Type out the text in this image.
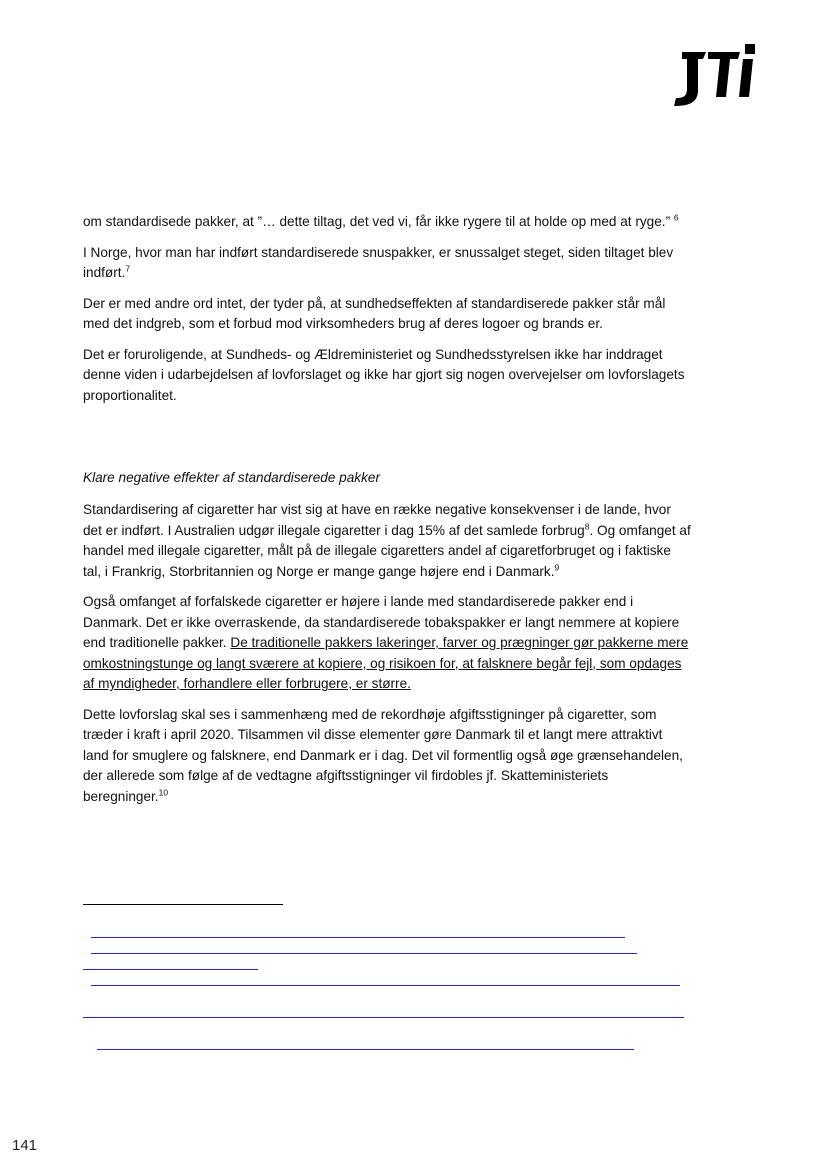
om standardisede pakker, at ”… dette tiltag, det ved vi, får ikke rygere til at holde op med at ryge.” $^6$

I Norge, hvor man har indført standardiserede snuspakker, er snussalget steget, siden tiltaget blev indført.$^7$

Der er med andre ord intet, der tyder på, at sundhedseffekten af standardiserede pakker står mål med det indgreb, som et forbud mod virksomheders brug af deres logoer og brands er.

Det er foruroligende, at Sundheds- og Ældreministeriet og Sundhedsstyrelsen ikke har inddraget denne viden i udarbejdelsen af lovforslaget og ikke har gjort sig nogen overvejelser om lovforslagets proportionalitet.

Klare negative effekter af standardiserede pakker

Standardisering af cigaretter har vist sig at have en række negative konsekvenser i de lande, hvor det er indført. I Australien udgør illegale cigaretter i dag 15% af det samlede forbrug$^8$. Og omfanget af handel med illegale cigaretter, målt på de illegale cigaretters andel af cigaretforbruget og i faktiske tal, i Frankrig, Storbritannien og Norge er mange gange højere end i Danmark.$^9$

Også omfanget af forfalskede cigaretter er højere i lande med standardiserede pakker end i Danmark. Det er ikke overraskende, da standardiserede tobakspakker er langt nemmere at kopiere end traditionelle pakker. De traditionelle pakkers lakeringer, farver og prægninger gør pakkerne mere omkostningstunge og langt sværere at kopiere, og risikoen for, at falsknere begår fejl, som opdages af myndigheder, forhandlere eller forbrugere, er større.

Dette lovforslag skal ses i sammenhæng med de rekordhøje afgiftsstigninger på cigaretter, som træder i kraft i april 2020. Tilsammen vil disse elementer gøre Danmark til et langt mere attraktivt land for smuglere og falsknere, end Danmark er i dag. Det vil formentlig også øge grænsehandelen, der allerede som følge af de vedtagne afgiftsstigninger vil firdobles jf. Skatteministeriets beregninger.$^{10}$

141
